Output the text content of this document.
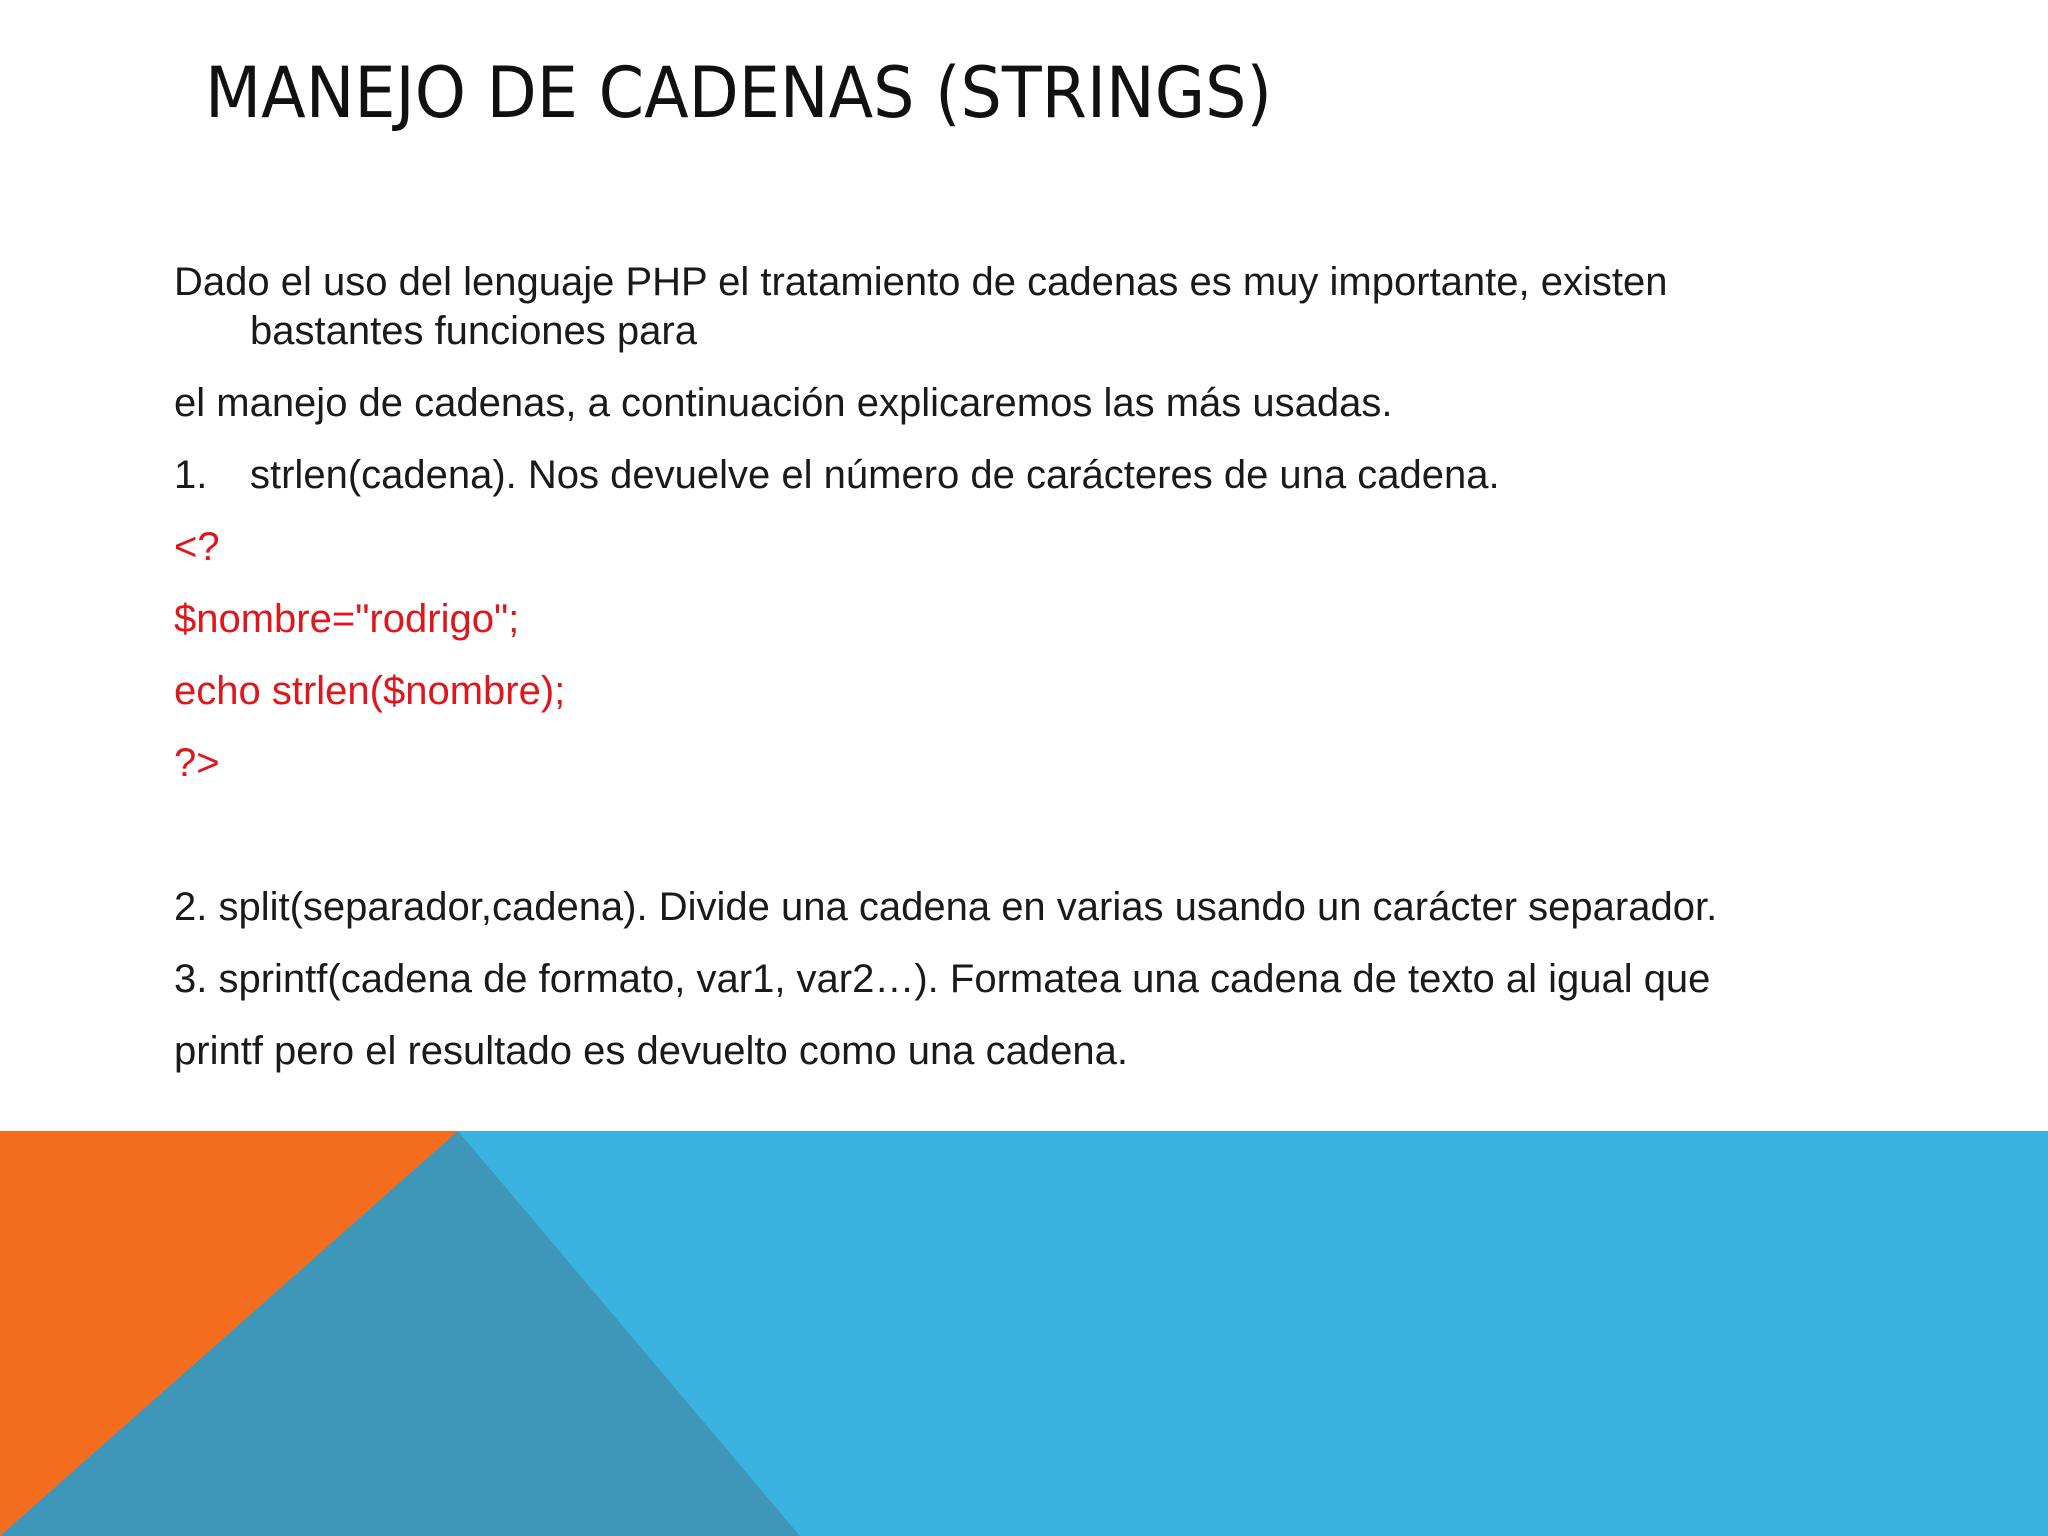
MANEJO DE CADENAS (STRINGS)
Dado el uso del lenguaje PHP el tratamiento de cadenas es muy importante, existen
bastantes funciones para
el manejo de cadenas, a continuación explicaremos las más usadas.
1. strlen(cadena). Nos devuelve el número de carácteres de una cadena.
<?
$nombre="rodrigo";
echo strlen($nombre);
?>
2. split(separador,cadena). Divide una cadena en varias usando un carácter separador.
3. sprintf(cadena de formato, var1, var2…). Formatea una cadena de texto al igual que
printf pero el resultado es devuelto como una cadena.
